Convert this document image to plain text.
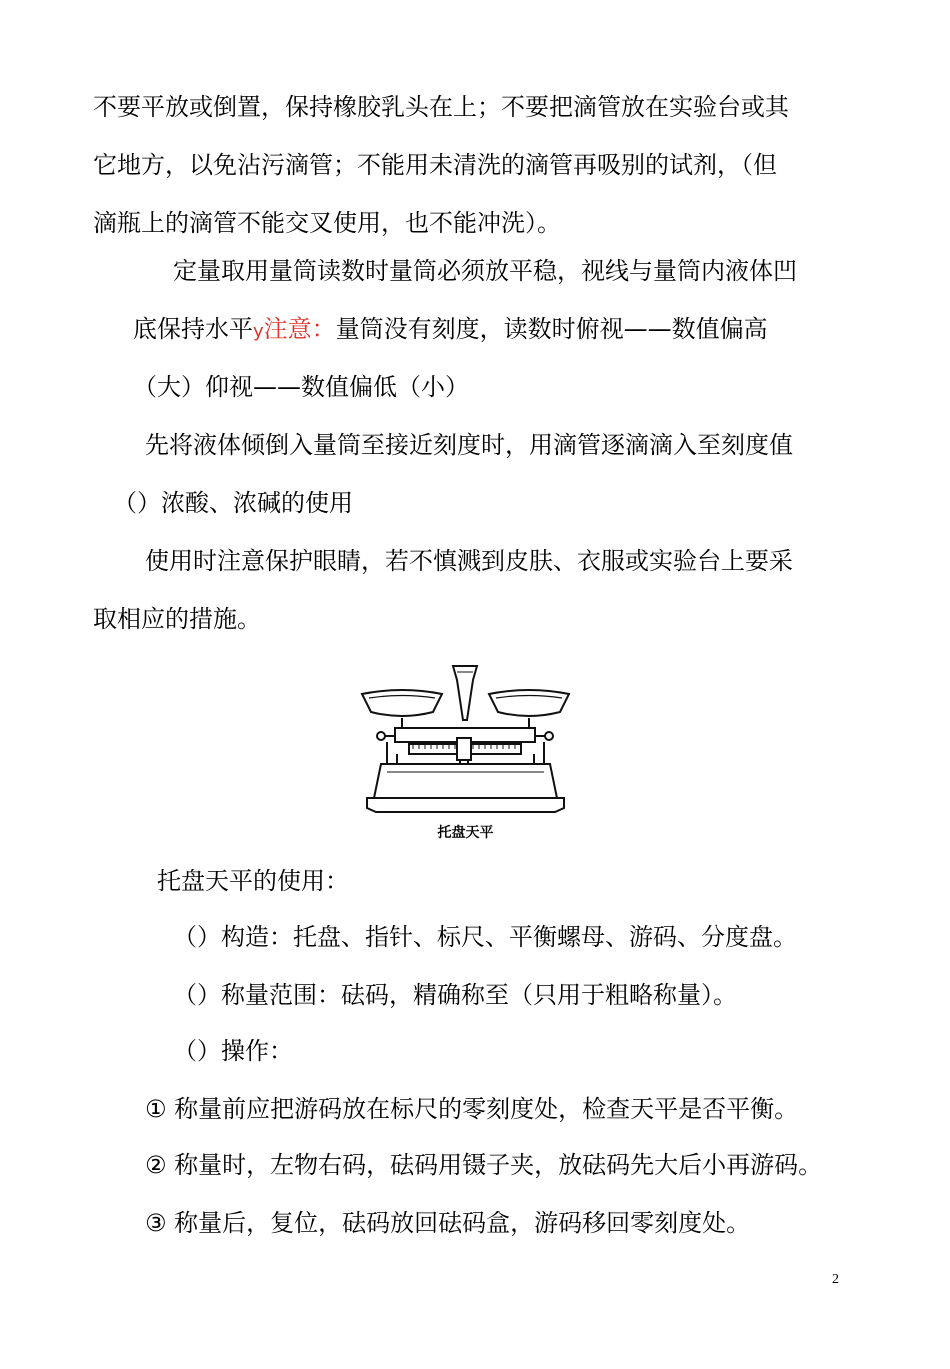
不要平放或倒置，保持橡胶乳头在上；不要把滴管放在实验台或其
它地方，以免沾污滴管；不能用未清洗的滴管再吸别的试剂，（但
滴瓶上的滴管不能交叉使用，也不能冲洗）。
定量取用量筒读数时量筒必须放平稳，视线与量筒内液体凹
底保持水平y注意：量筒没有刻度，读数时俯视——数值偏高
（大）仰视——数值偏低（小）
先将液体倾倒入量筒至接近刻度时，用滴管逐滴滴入至刻度值
（）浓酸、浓碱的使用
使用时注意保护眼睛，若不慎溅到皮肤、衣服或实验台上要采
取相应的措施。
托盘天平
托盘天平的使用：
（）构造：托盘、指针、标尺、平衡螺母、游码、分度盘。
（）称量范围：砝码，精确称至（只用于粗略称量）。
（）操作：
① 称量前应把游码放在标尺的零刻度处，检查天平是否平衡。
② 称量时，左物右码，砝码用镊子夹，放砝码先大后小再游码。
③ 称量后，复位，砝码放回砝码盒，游码移回零刻度处。
2
